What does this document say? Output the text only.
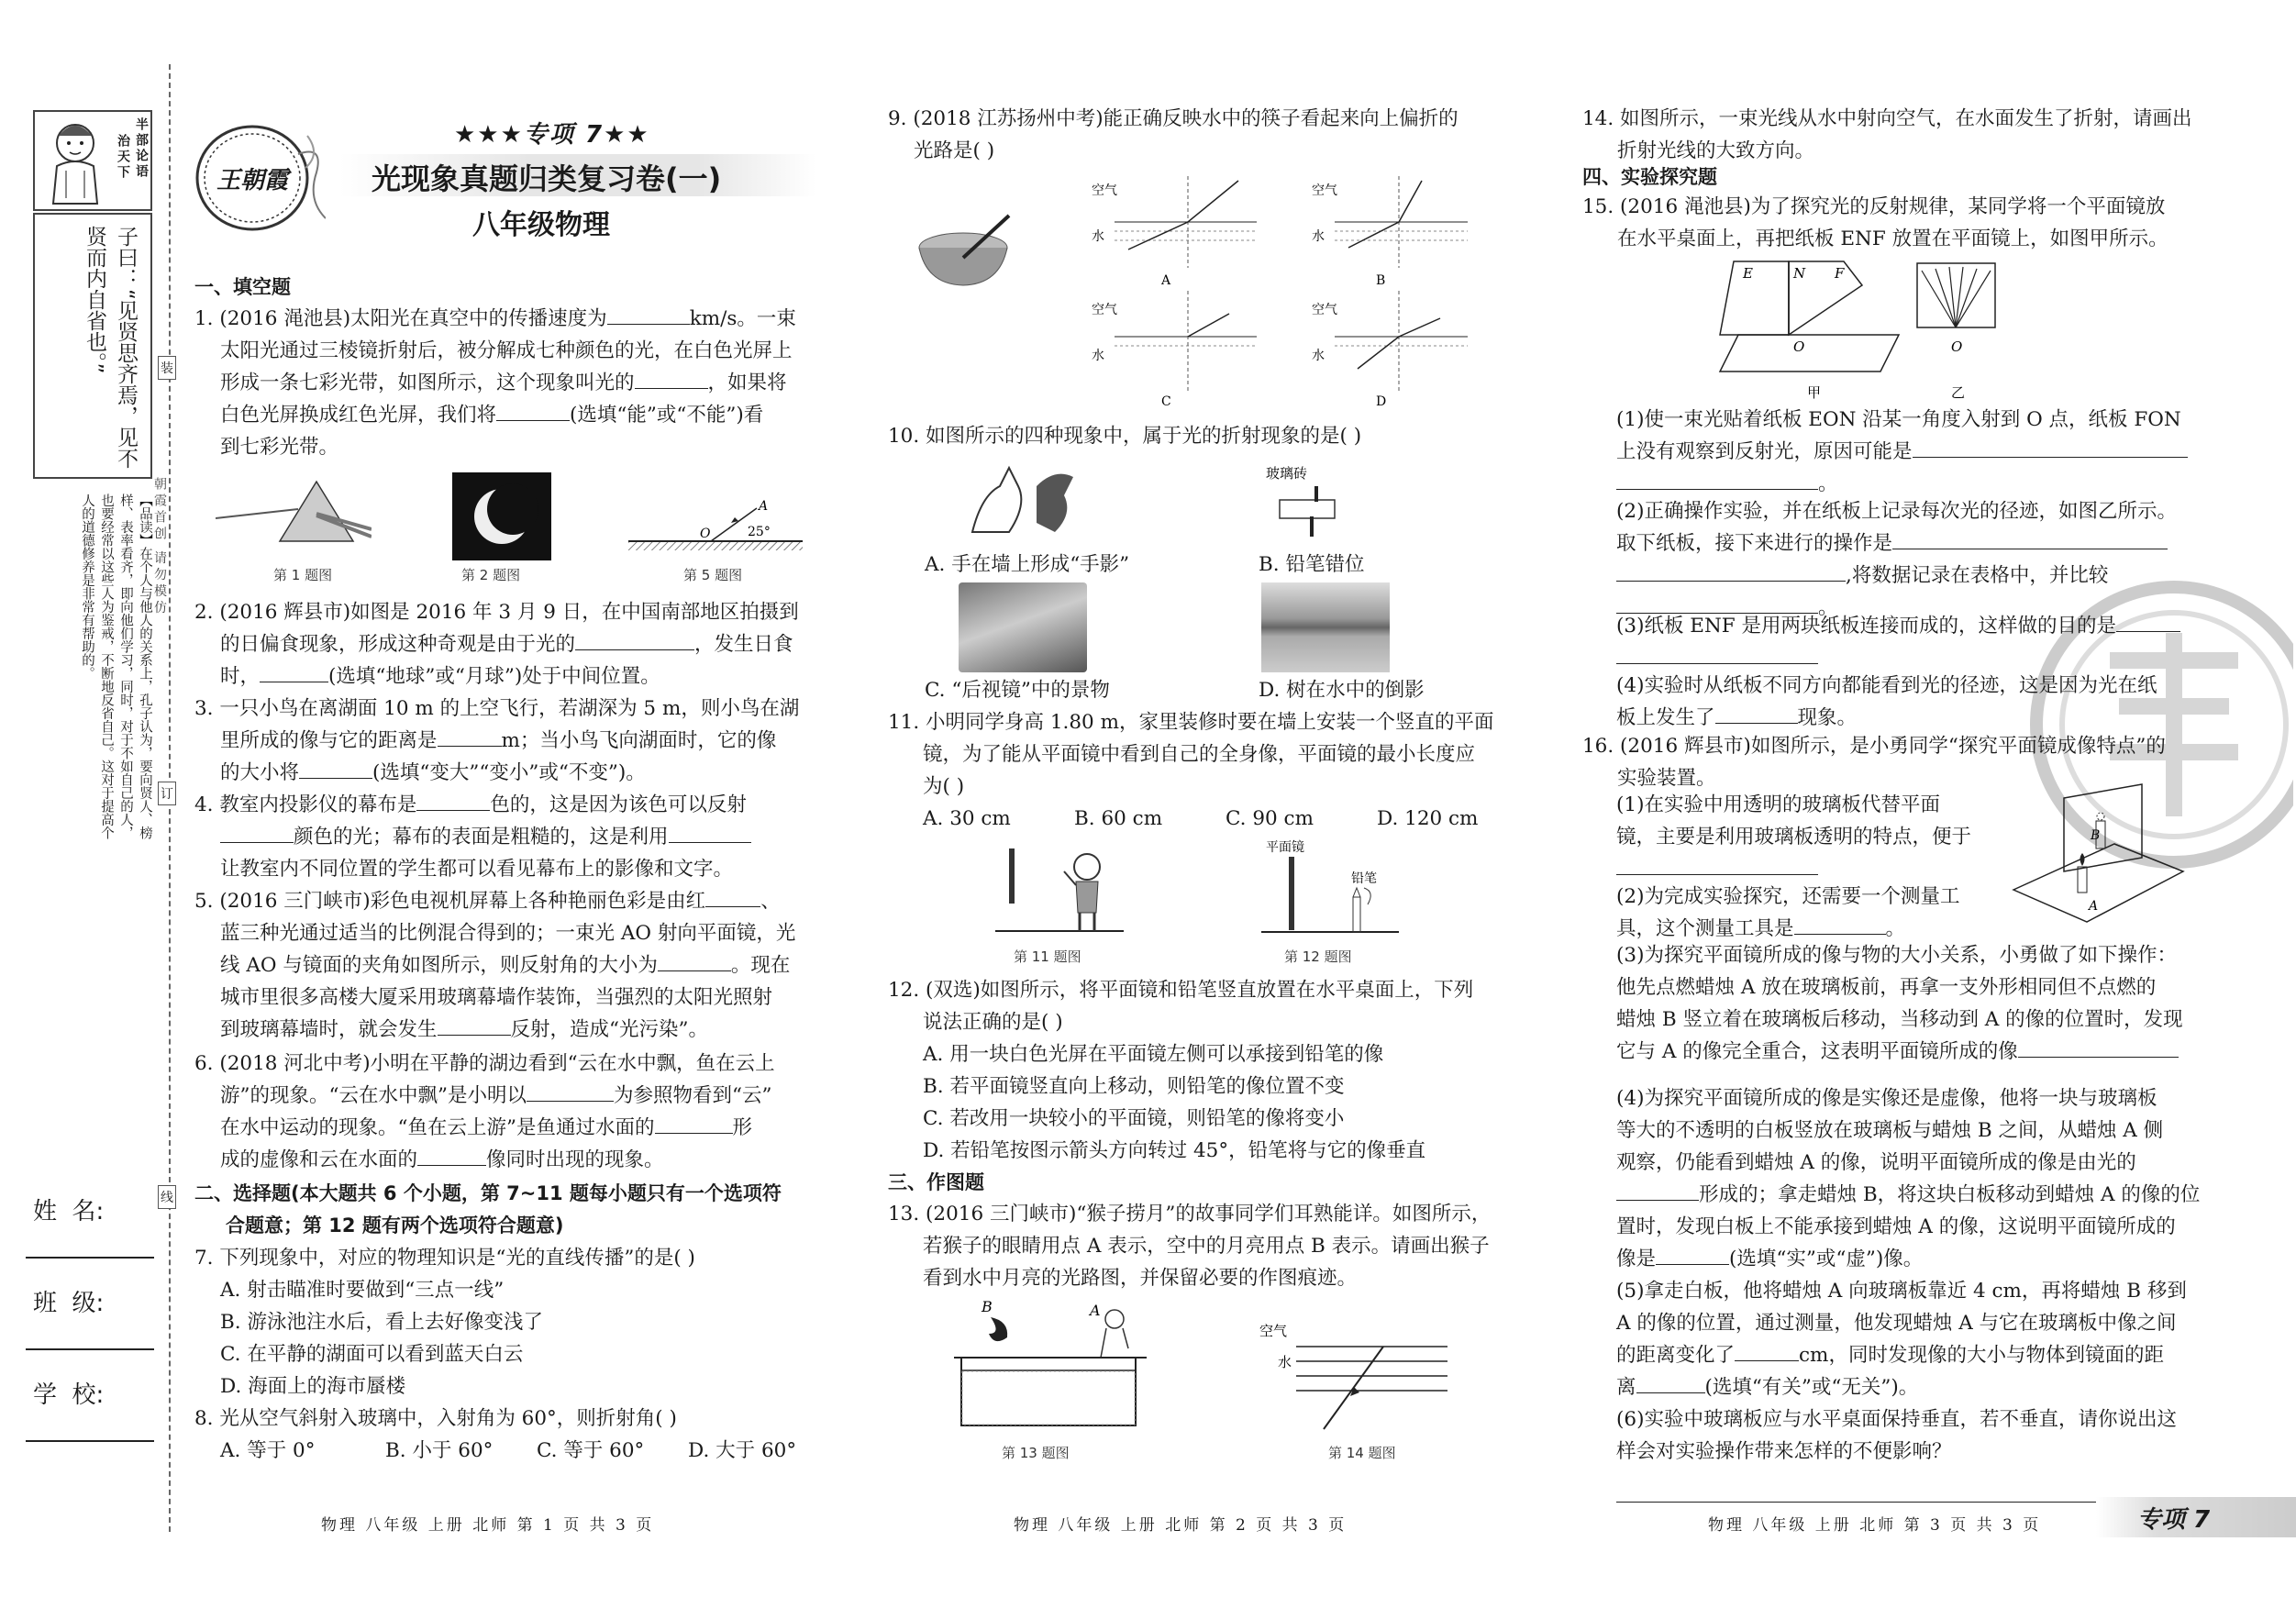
半部论语
治天下
子曰：“见贤思齐焉，见不贤而内自省也。”
【品读】在个人与他人的关系上，孔子认为，要向贤人、榜样、表率看齐，即向他们学习，同时，对于不如自己的人，也要经常以这些人为鉴戒，不断地反省自己。这对于提高个人的道德修养是非常有帮助的。
姓  名:
班  级:
学  校:
装
订
线
朝霞首创 请勿模仿
王朝霞
★★★专项 7★★
光现象真题归类复习卷(一)
八年级物理
一、填空题
1. (2016 渑池县)太阳光在真空中的传播速度为	km/s。一束
太阳光通过三棱镜折射后，被分解成七种颜色的光，在白色光屏上
形成一条七彩光带，如图所示，这个现象叫光的	，如果将
白色光屏换成红色光屏，我们将	(选填“能”或“不能”)看
到七彩光带。
O
A
25°
第 1 题图	第 2 题图	第 5 题图
2. (2016 辉县市)如图是 2016 年 3 月 9 日，在中国南部地区拍摄到
的日偏食现象，形成这种奇观是由于光的	，发生日食
时，	(选填“地球”或“月球”)处于中间位置。
3. 一只小鸟在离湖面 10 m 的上空飞行，若湖深为 5 m，则小鸟在湖
里所成的像与它的距离是	m；当小鸟飞向湖面时，它的像
的大小将	(选填“变大”“变小”或“不变”)。
4. 教室内投影仪的幕布是	色的，这是因为该色可以反射
颜色的光；幕布的表面是粗糙的，这是利用
让教室内不同位置的学生都可以看见幕布上的影像和文字。
5. (2016 三门峡市)彩色电视机屏幕上各种艳丽色彩是由红	、
蓝三种光通过适当的比例混合得到的；一束光 AO 射向平面镜，光
线 AO 与镜面的夹角如图所示，则反射角的大小为	。现在
城市里很多高楼大厦采用玻璃幕墙作装饰，当强烈的太阳光照射
到玻璃幕墙时，就会发生	反射，造成“光污染”。
6. (2018 河北中考)小明在平静的湖边看到“云在水中飘，鱼在云上
游”的现象。“云在水中飘”是小明以	为参照物看到“云”
在水中运动的现象。“鱼在云上游”是鱼通过水面的	形
成的虚像和云在水面的	像同时出现的现象。
二、选择题(本大题共 6 个小题，第 7~11 题每小题只有一个选项符
合题意；第 12 题有两个选项符合题意)
7. 下列现象中，对应的物理知识是“光的直线传播”的是( )
A. 射击瞄准时要做到“三点一线”
B. 游泳池注水后，看上去好像变浅了
C. 在平静的湖面可以看到蓝天白云
D. 海面上的海市蜃楼
8. 光从空气斜射入玻璃中，入射角为 60°，则折射角( )
A. 等于 0°	B. 小于 60° C. 等于 60° D. 大于 60°
物理 八年级 上册 北师 第 1 页 共 3 页
9. (2018 江苏扬州中考)能正确反映水中的筷子看起来向上偏折的
光路是( )
空气
水
A
空气
水
B
空气
水
C
空气
水
D
10. 如图所示的四种现象中，属于光的折射现象的是( )
玻璃砖
A. 手在墙上形成“手影”	B. 铅笔错位
C. “后视镜”中的景物	D. 树在水中的倒影
11. 小明同学身高 1.80 m，家里装修时要在墙上安装一个竖直的平面
镜，为了能从平面镜中看到自己的全身像，平面镜的最小长度应
为( )
A. 30 cm	B. 60 cm	C. 90 cm	D. 120 cm
平面镜
铅笔
第 11 题图	第 12 题图
12. (双选)如图所示，将平面镜和铅笔竖直放置在水平桌面上，下列
说法正确的是( )
A. 用一块白色光屏在平面镜左侧可以承接到铅笔的像
B. 若平面镜竖直向上移动，则铅笔的像位置不变
C. 若改用一块较小的平面镜，则铅笔的像将变小
D. 若铅笔按图示箭头方向转过 45°，铅笔将与它的像垂直
三、作图题
13. (2016 三门峡市)“猴子捞月”的故事同学们耳熟能详。如图所示，
若猴子的眼睛用点 A 表示，空中的月亮用点 B 表示。请画出猴子
看到水中月亮的光路图，并保留必要的作图痕迹。
B	A
空气
水
第 13 题图	第 14 题图
物理 八年级 上册 北师 第 2 页 共 3 页
14. 如图所示，一束光线从水中射向空气，在水面发生了折射，请画出
折射光线的大致方向。
四、实验探究题
15. (2016 渑池县)为了探究光的反射规律，某同学将一个平面镜放
在水平桌面上，再把纸板 ENF 放置在平面镜上，如图甲所示。
E	N F
O
甲
O
乙
(1)使一束光贴着纸板 EON 沿某一角度入射到 O 点，纸板 FON
上没有观察到反射光，原因可能是
。
(2)正确操作实验，并在纸板上记录每次光的径迹，如图乙所示。
取下纸板，接下来进行的操作是
,将数据记录在表格中，并比较
。
(3)纸板 ENF 是用两块纸板连接而成的，这样做的目的是
(4)实验时从纸板不同方向都能看到光的径迹，这是因为光在纸
板上发生了	现象。
16. (2016 辉县市)如图所示，是小勇同学“探究平面镜成像特点”的
实验装置。
(1)在实验中用透明的玻璃板代替平面
镜，主要是利用玻璃板透明的特点，便于	B
A
(2)为完成实验探究，还需要一个测量工
具，这个测量工具是	。
(3)为探究平面镜所成的像与物的大小关系，小勇做了如下操作：
他先点燃蜡烛 A 放在玻璃板前，再拿一支外形相同但不点燃的
蜡烛 B 竖立着在玻璃板后移动，当移动到 A 的像的位置时，发现
它与 A 的像完全重合，这表明平面镜所成的像

(4)为探究平面镜所成的像是实像还是虚像，他将一块与玻璃板
等大的不透明的白板竖放在玻璃板与蜡烛 B 之间，从蜡烛 A 侧
观察，仍能看到蜡烛 A 的像，说明平面镜所成的像是由光的
形成的；拿走蜡烛 B，将这块白板移动到蜡烛 A 的像的位
置时，发现白板上不能承接到蜡烛 A 的像，这说明平面镜所成的
像是	(选填“实”或“虚”)像。
(5)拿走白板，他将蜡烛 A 向玻璃板靠近 4 cm，再将蜡烛 B 移到
A 的像的位置，通过测量，他发现蜡烛 A 与它在玻璃板中像之间
的距离变化了	cm，同时发现像的大小与物体到镜面的距
离	(选填“有关”或“无关”)。
(6)实验中玻璃板应与水平桌面保持垂直，若不垂直，请你说出这
样会对实验操作带来怎样的不便影响？
物理 八年级 上册 北师 第 3 页 共 3 页	专项 7
